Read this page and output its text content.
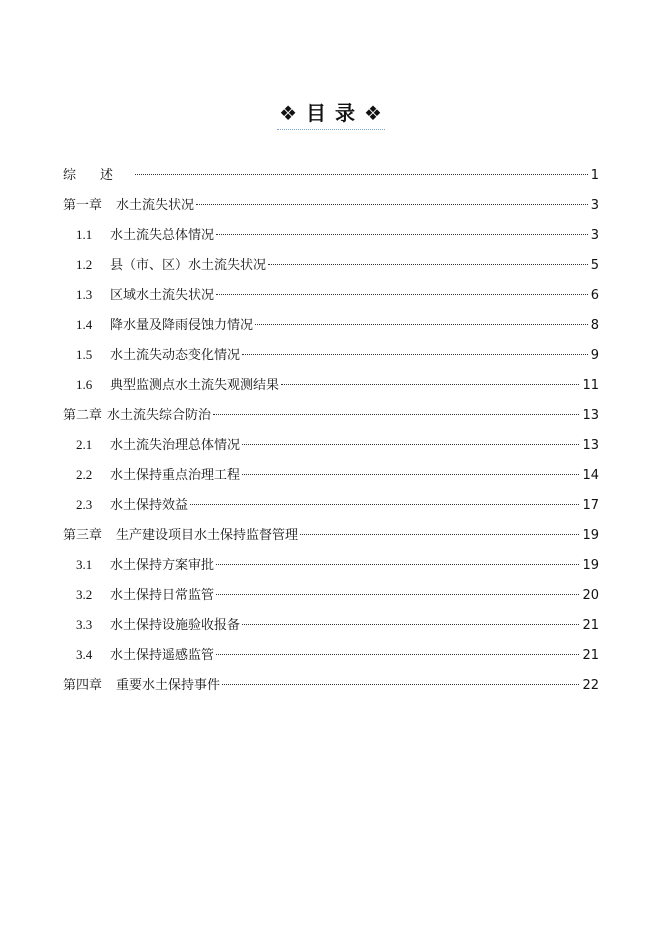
❖ 目 录 ❖
综述	1
第一章 水土流失状况	3
1.1	水土流失总体情况	3
1.2	县（市、区）水土流失状况	5
1.3	区域水土流失状况	6
1.4	降水量及降雨侵蚀力情况	8
1.5	水土流失动态变化情况	9
1.6	典型监测点水土流失观测结果	11
第二章 水土流失综合防治	13
2.1	水土流失治理总体情况	13
2.2	水土保持重点治理工程	14
2.3	水土保持效益	17
第三章 生产建设项目水土保持监督管理	19
3.1	水土保持方案审批	19
3.2	水土保持日常监管	20
3.3	水土保持设施验收报备	21
3.4	水土保持遥感监管	21
第四章 重要水土保持事件	22
